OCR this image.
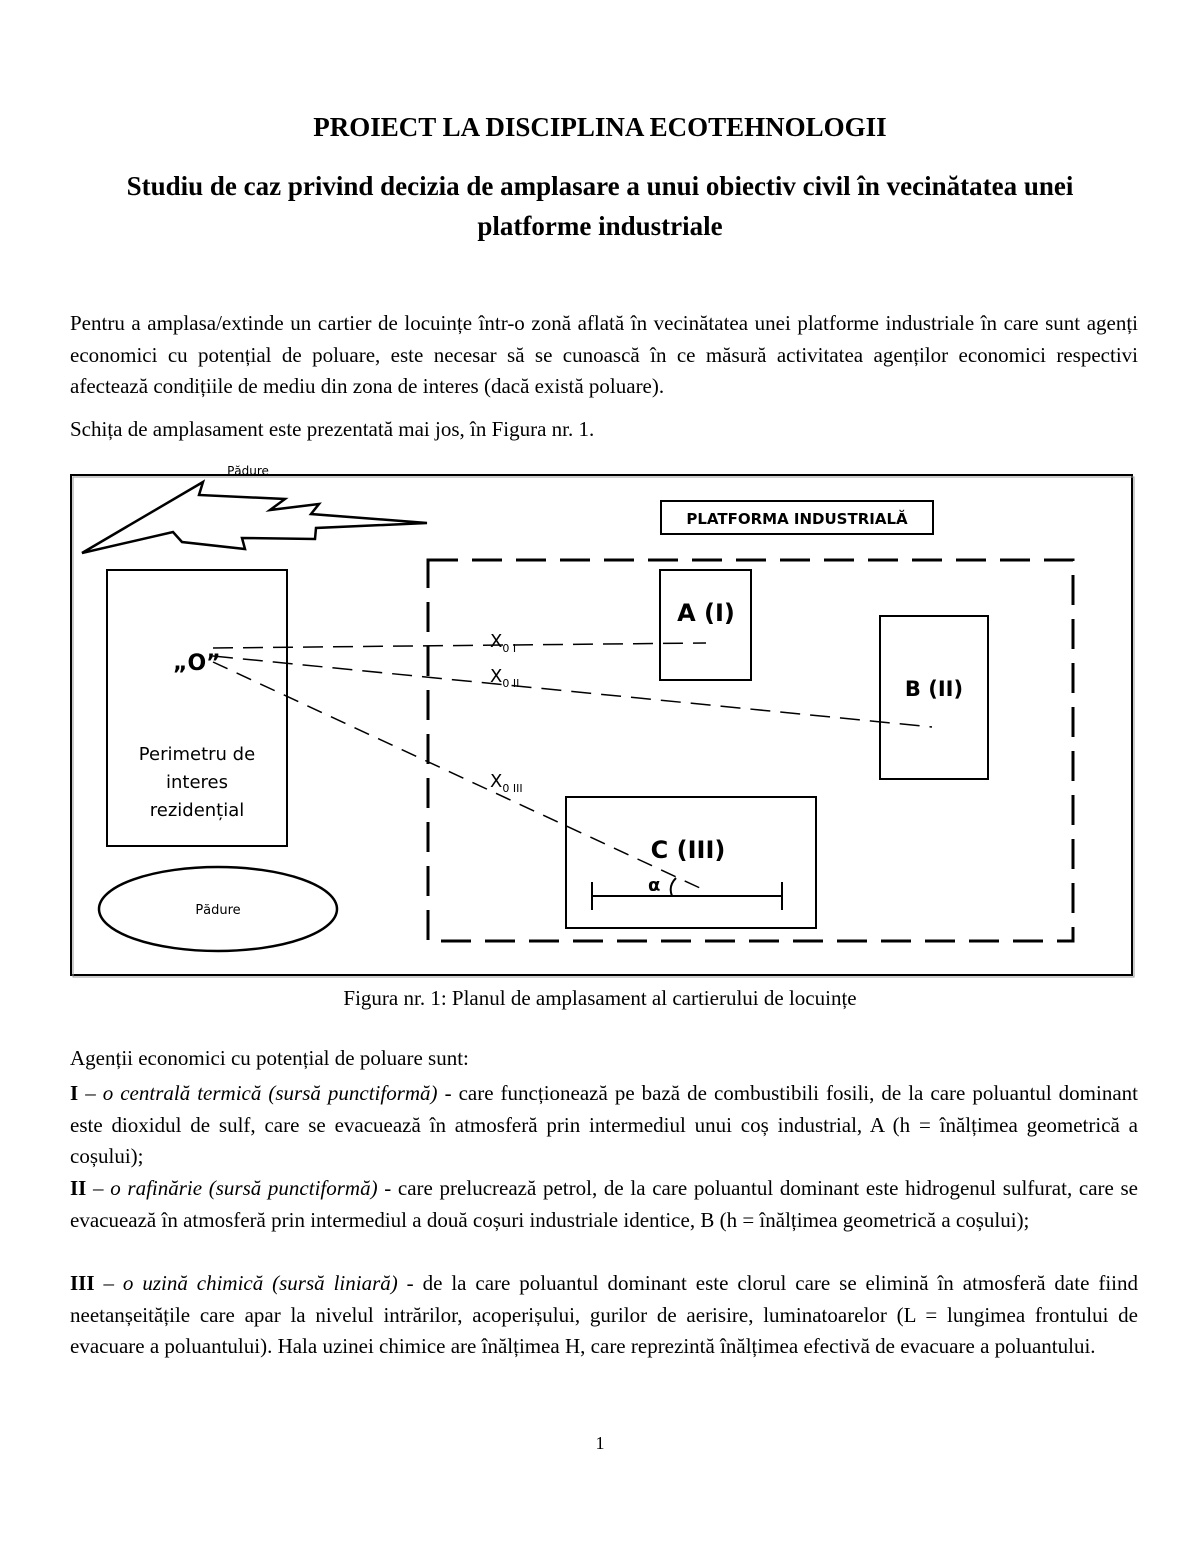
PROIECT LA DISCIPLINA ECOTEHNOLOGII
Studiu de caz privind decizia de amplasare a unui obiectiv civil în vecinătatea unei platforme industriale

Pentru a amplasa/extinde un cartier de locuințe într-o zonă aflată în vecinătatea unei platforme industriale în care sunt agenți economici cu potențial de poluare, este necesar să se cunoască în ce măsură activitatea agenților economici respectivi afectează condițiile de mediu din zona de interes (dacă există poluare).

Schița de amplasament este prezentată mai jos, în Figura nr. 1.

Pădure
PLATFORMA INDUSTRIALĂ
„O”
Perimetru de
interes
rezidențial
Pădure
A (I)
B (II)
C (III)
α
$X_{0 I}$
$X_{0 II}$
$X_{0 III}$

Figura nr. 1: Planul de amplasament al cartierului de locuințe

Agenții economici cu potențial de poluare sunt:

I – o centrală termică (sursă punctiformă) - care funcționează pe bază de combustibili fosili, de la care poluantul dominant este dioxidul de sulf, care se evacuează în atmosferă prin intermediul unui coș industrial, A (h = înălțimea geometrică a coșului);

II – o rafinărie (sursă punctiformă) - care prelucrează petrol, de la care poluantul dominant este hidrogenul sulfurat, care se evacuează în atmosferă prin intermediul a două coșuri industriale identice, B (h = înălțimea geometrică a coșului);

III – o uzină chimică (sursă liniară) - de la care poluantul dominant este clorul care se elimină în atmosferă date fiind neetanșeitățile care apar la nivelul intrărilor, acoperișului, gurilor de aerisire, luminatoarelor (L = lungimea frontului de evacuare a poluantului). Hala uzinei chimice are înălțimea H, care reprezintă înălțimea efectivă de evacuare a poluantului.

1
